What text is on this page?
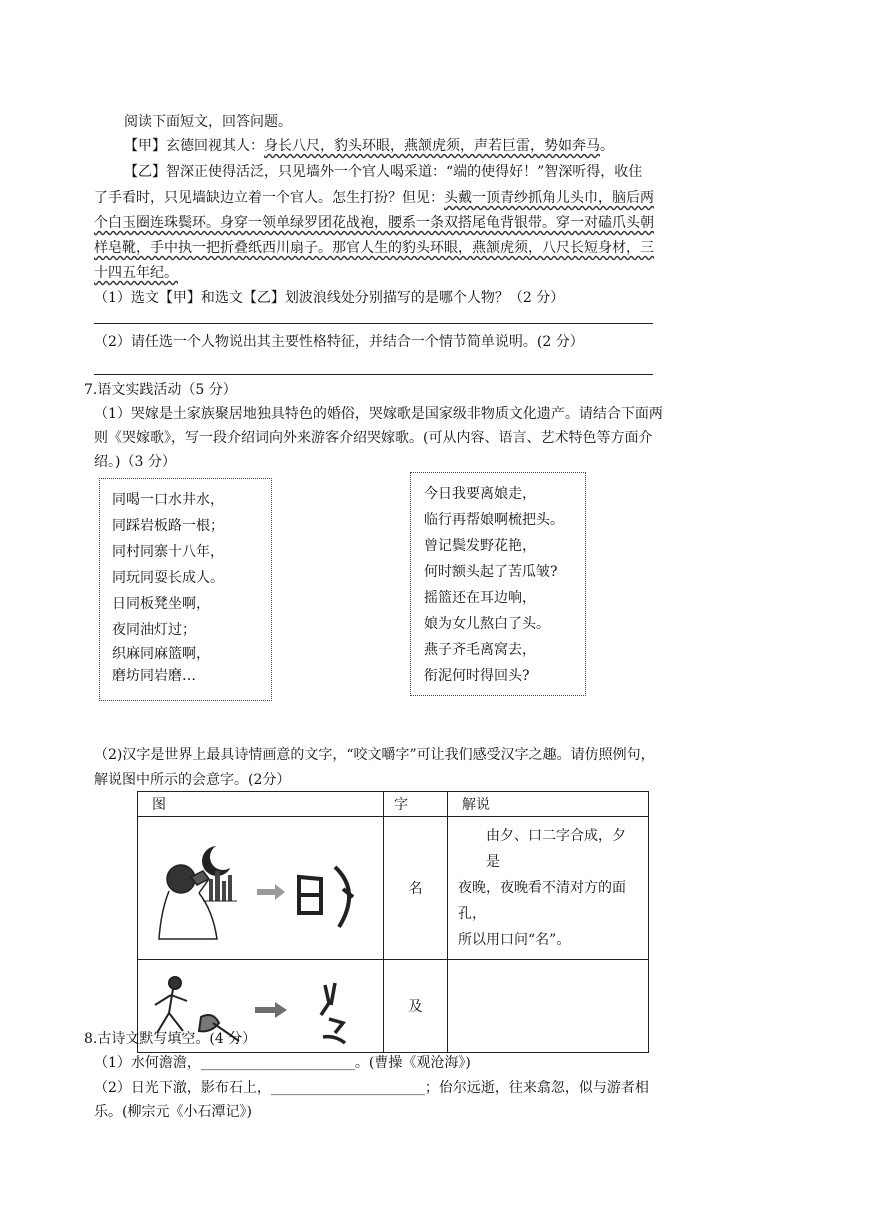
阅读下面短文，回答问题。
【甲】玄德回视其人：身长八尺，豹头环眼，燕颔虎须，声若巨雷，势如奔马。
【乙】智深正使得活泛，只见墙外一个官人喝采道：“端的使得好！”智深听得，收住
了手看时，只见墙缺边立着一个官人。怎生打扮？但见：头戴一顶青纱抓角儿头巾，脑后两
个白玉圈连珠鬓环。身穿一领单绿罗团花战袍，腰系一条双搭尾龟背银带。穿一对磕爪头朝
样皂靴，手中执一把折叠纸西川扇子。那官人生的豹头环眼，燕颔虎须，八尺长短身材，三
十四五年纪。
（1）选文【甲】和选文【乙】划波浪线处分别描写的是哪个人物？（2 分）
（2）请任选一个人物说出其主要性格特征，并结合一个情节简单说明。(2 分）
7.语文实践活动（5 分）
（1）哭嫁是土家族聚居地独具特色的婚俗，哭嫁歌是国家级非物质文化遗产。请结合下面两
则《哭嫁歌》，写一段介绍词向外来游客介绍哭嫁歌。(可从内容、语言、艺术特色等方面介
绍。)（3 分）
同喝一口水井水，
同踩岩板路一根；
同村同寨十八年，
同玩同耍长成人。
日同板凳坐啊，
夜同油灯过；
织麻同麻篮啊，
磨坊同岩磨…
今日我要离娘走，
临行再帮娘啊梳把头。
曾记鬓发野花艳，
何时额头起了苦瓜皱?
摇篮还在耳边响，
娘为女儿熬白了头。
燕子齐毛离窝去，
衔泥何时得回头?
（2)汉字是世界上最具诗情画意的文字，“咬文嚼字”可让我们感受汉字之趣。请仿照例句，
解说图中所示的会意字。(2分）
图	字	解说

	名	由夕、口二字合成，夕是
夜晚，夜晚看不清对方的面孔，
所以用口问“名”。

	及	
8.古诗文默写填空。(4 分）
（1）水何澹澹，______________________。(曹操《观沧海》)
（2）日光下澈，影布石上，______________________；佁尔远逝，往来翕忽，似与游者相
乐。(柳宗元《小石潭记》)
